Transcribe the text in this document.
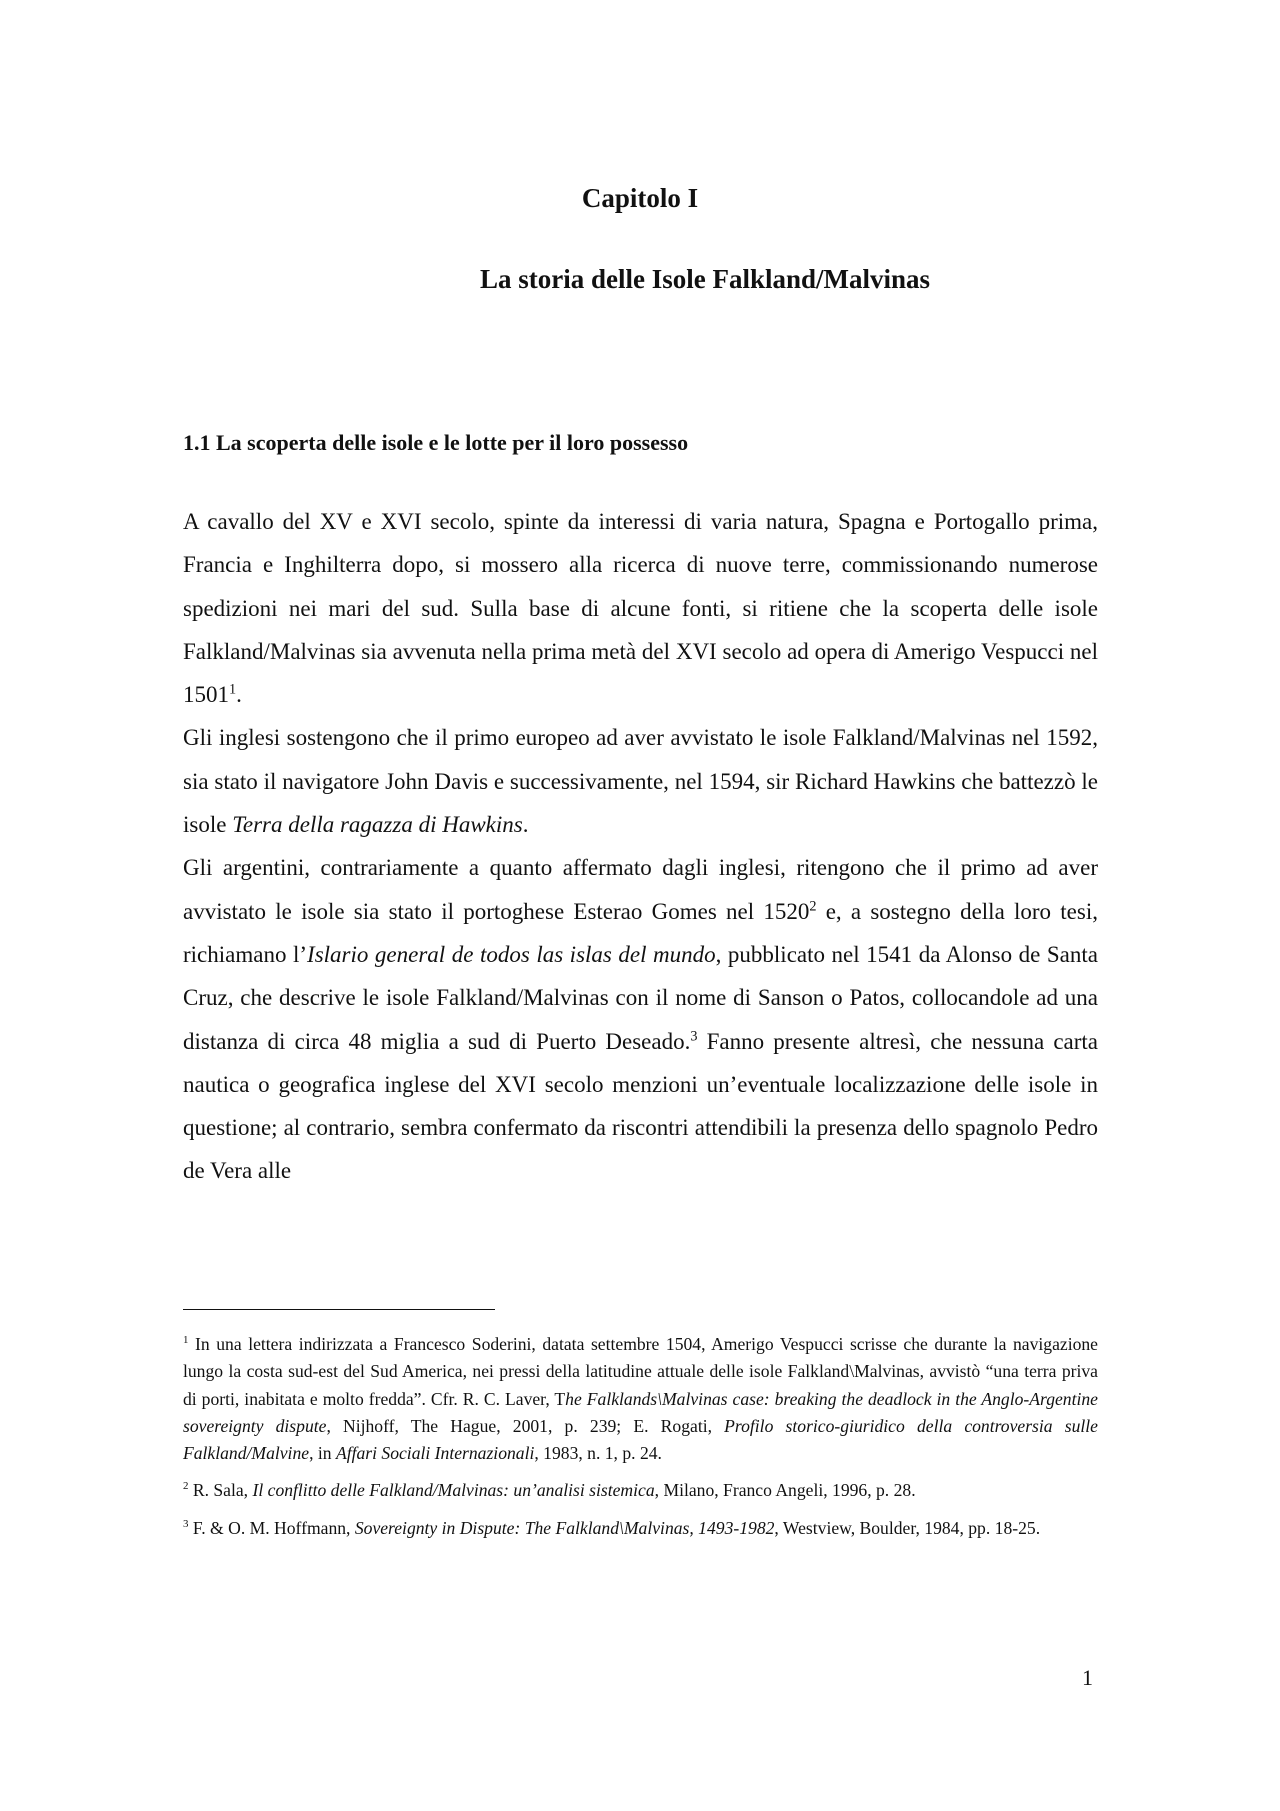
Capitolo I
La storia delle Isole Falkland/Malvinas
1.1 La scoperta delle isole e le lotte per il loro possesso

A cavallo del XV e XVI secolo, spinte da interessi di varia natura, Spagna e Portogallo prima, Francia e Inghilterra dopo, si mossero alla ricerca di nuove terre, commissionando numerose spedizioni nei mari del sud. Sulla base di alcune fonti, si ritiene che la scoperta delle isole Falkland/Malvinas sia avvenuta nella prima metà del XVI secolo ad opera di Amerigo Vespucci nel 1501$^1$.

Gli inglesi sostengono che il primo europeo ad aver avvistato le isole Falkland/Malvinas nel 1592, sia stato il navigatore John Davis e successivamente, nel 1594, sir Richard Hawkins che battezzò le isole Terra della ragazza di Hawkins.

Gli argentini, contrariamente a quanto affermato dagli inglesi, ritengono che il primo ad aver avvistato le isole sia stato il portoghese Esterao Gomes nel 1520$^2$ e, a sostegno della loro tesi, richiamano l’Islario general de todos las islas del mundo, pubblicato nel 1541 da Alonso de Santa Cruz, che descrive le isole Falkland/Malvinas con il nome di Sanson o Patos, collocandole ad una distanza di circa 48 miglia a sud di Puerto Deseado.$^3$ Fanno presente altresì, che nessuna carta nautica o geografica inglese del XVI secolo menzioni un’eventuale localizzazione delle isole in questione; al contrario, sembra confermato da riscontri attendibili la presenza dello spagnolo Pedro de Vera alle

$^1$ In una lettera indirizzata a Francesco Soderini, datata settembre 1504, Amerigo Vespucci scrisse che durante la navigazione lungo la costa sud-est del Sud America, nei pressi della latitudine attuale delle isole Falkland\Malvinas, avvistò “una terra priva di porti, inabitata e molto fredda”. Cfr. R. C. Laver, The Falklands\Malvinas case: breaking the deadlock in the Anglo-Argentine sovereignty dispute, Nijhoff, The Hague, 2001, p. 239; E. Rogati, Profilo storico-giuridico della controversia sulle Falkland/Malvine, in Affari Sociali Internazionali, 1983, n. 1, p. 24.

$^2$ R. Sala, Il conflitto delle Falkland/Malvinas: un’analisi sistemica, Milano, Franco Angeli, 1996, p. 28.

$^3$ F. & O. M. Hoffmann, Sovereignty in Dispute: The Falkland\Malvinas, 1493-1982, Westview, Boulder, 1984, pp. 18-25.

1
